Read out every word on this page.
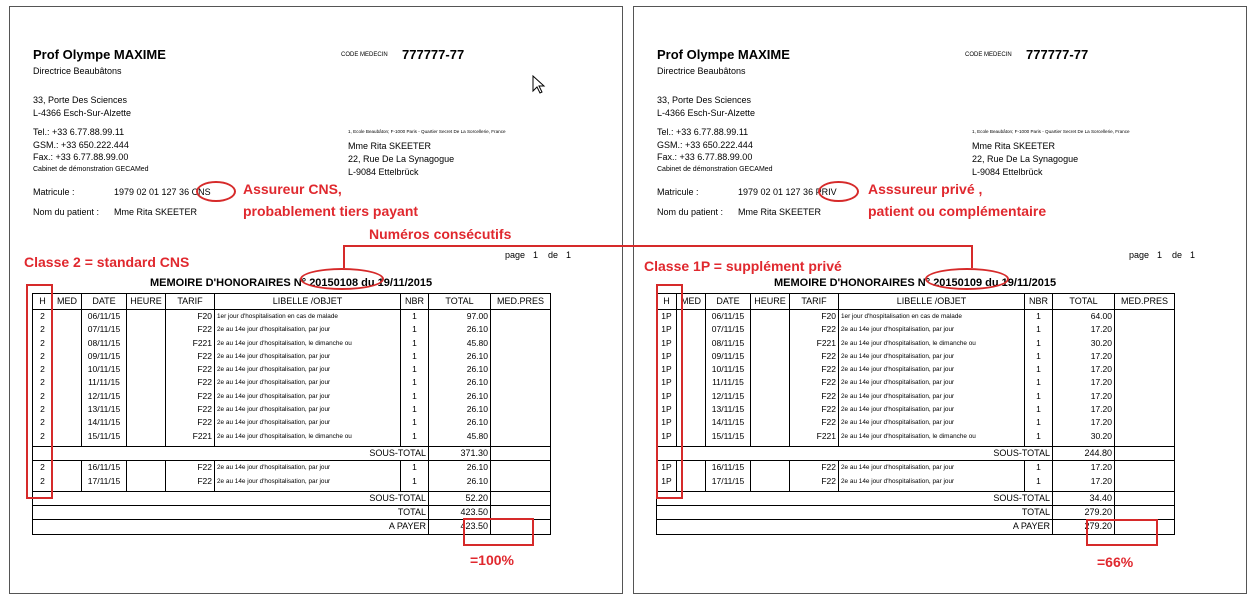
Prof Olympe MAXIME
Directrice Beaubâtons
CODE MEDECIN 777777-77
33, Porte Des Sciences
L-4366 Esch-Sur-Alzette
Tel.: +33 6.77.88.99.11
GSM.: +33 650.222.444
Fax.: +33 6.77.88.99.00
Cabinet de démonstration GECAMed
1, Ecole Beaubâton; F-1000 Paris - Quartier Secret De La Sorcellerie, France
Mme Rita SKEETER
22, Rue De La Synagogue
L-9084 Ettelbrück
Matricule :	1979 02 01 127 36 CNS
Nom du patient : Mme Rita SKEETER
page 1 de 1
MEMOIRE D'HONORAIRES N° 20150108 du 19/11/2015
H	MED	DATE	HEURE	TARIF	LIBELLE /OBJET	NBR	TOTAL	MED.PRES
2		06/11/15		F20	1er jour d'hospitalisation en cas de malade	1	97.00	
2		07/11/15		F22	2e au 14e jour d'hospitalisation, par jour	1	26.10	
2		08/11/15		F221	2e au 14e jour d'hospitalisation, le dimanche ou	1	45.80	
2		09/11/15		F22	2e au 14e jour d'hospitalisation, par jour	1	26.10	
2		10/11/15		F22	2e au 14e jour d'hospitalisation, par jour	1	26.10	
2		11/11/15		F22	2e au 14e jour d'hospitalisation, par jour	1	26.10	
2		12/11/15		F22	2e au 14e jour d'hospitalisation, par jour	1	26.10	
2		13/11/15		F22	2e au 14e jour d'hospitalisation, par jour	1	26.10	
2		14/11/15		F22	2e au 14e jour d'hospitalisation, par jour	1	26.10	
2		15/11/15		F221	2e au 14e jour d'hospitalisation, le dimanche ou	1	45.80	

SOUS-TOTAL							371.30	
2		16/11/15		F22	2e au 14e jour d'hospitalisation, par jour	1	26.10	
2		17/11/15		F22	2e au 14e jour d'hospitalisation, par jour	1	26.10	

SOUS-TOTAL							52.20	
TOTAL							423.50	
A PAYER							423.50	
Prof Olympe MAXIME
Directrice Beaubâtons
CODE MEDECIN 777777-77
33, Porte Des Sciences
L-4366 Esch-Sur-Alzette
Tel.: +33 6.77.88.99.11
GSM.: +33 650.222.444
Fax.: +33 6.77.88.99.00
Cabinet de démonstration GECAMed
1, Ecole Beaubâton; F-1000 Paris - Quartier Secret De La Sorcellerie, France
Mme Rita SKEETER
22, Rue De La Synagogue
L-9084 Ettelbrück
Matricule :	1979 02 01 127 36 PRIV
Nom du patient : Mme Rita SKEETER
page 1 de 1
MEMOIRE D'HONORAIRES N° 20150109 du 19/11/2015
H	MED	DATE	HEURE	TARIF	LIBELLE /OBJET	NBR	TOTAL	MED.PRES
1P		06/11/15		F20	1er jour d'hospitalisation en cas de malade	1	64.00	
1P		07/11/15		F22	2e au 14e jour d'hospitalisation, par jour	1	17.20	
1P		08/11/15		F221	2e au 14e jour d'hospitalisation, le dimanche ou	1	30.20	
1P		09/11/15		F22	2e au 14e jour d'hospitalisation, par jour	1	17.20	
1P		10/11/15		F22	2e au 14e jour d'hospitalisation, par jour	1	17.20	
1P		11/11/15		F22	2e au 14e jour d'hospitalisation, par jour	1	17.20	
1P		12/11/15		F22	2e au 14e jour d'hospitalisation, par jour	1	17.20	
1P		13/11/15		F22	2e au 14e jour d'hospitalisation, par jour	1	17.20	
1P		14/11/15		F22	2e au 14e jour d'hospitalisation, par jour	1	17.20	
1P		15/11/15		F221	2e au 14e jour d'hospitalisation, le dimanche ou	1	30.20	

SOUS-TOTAL							244.80	
1P		16/11/15		F22	2e au 14e jour d'hospitalisation, par jour	1	17.20	
1P		17/11/15		F22	2e au 14e jour d'hospitalisation, par jour	1	17.20	

SOUS-TOTAL							34.40	
TOTAL							279.20	
A PAYER							279.20	
Numéros consécutifs
Assureur CNS,
probablement tiers payant
Asssureur privé ,
patient ou complémentaire
Classe 2 = standard CNS	Classe 1P = supplément privé
=100%	=66%
